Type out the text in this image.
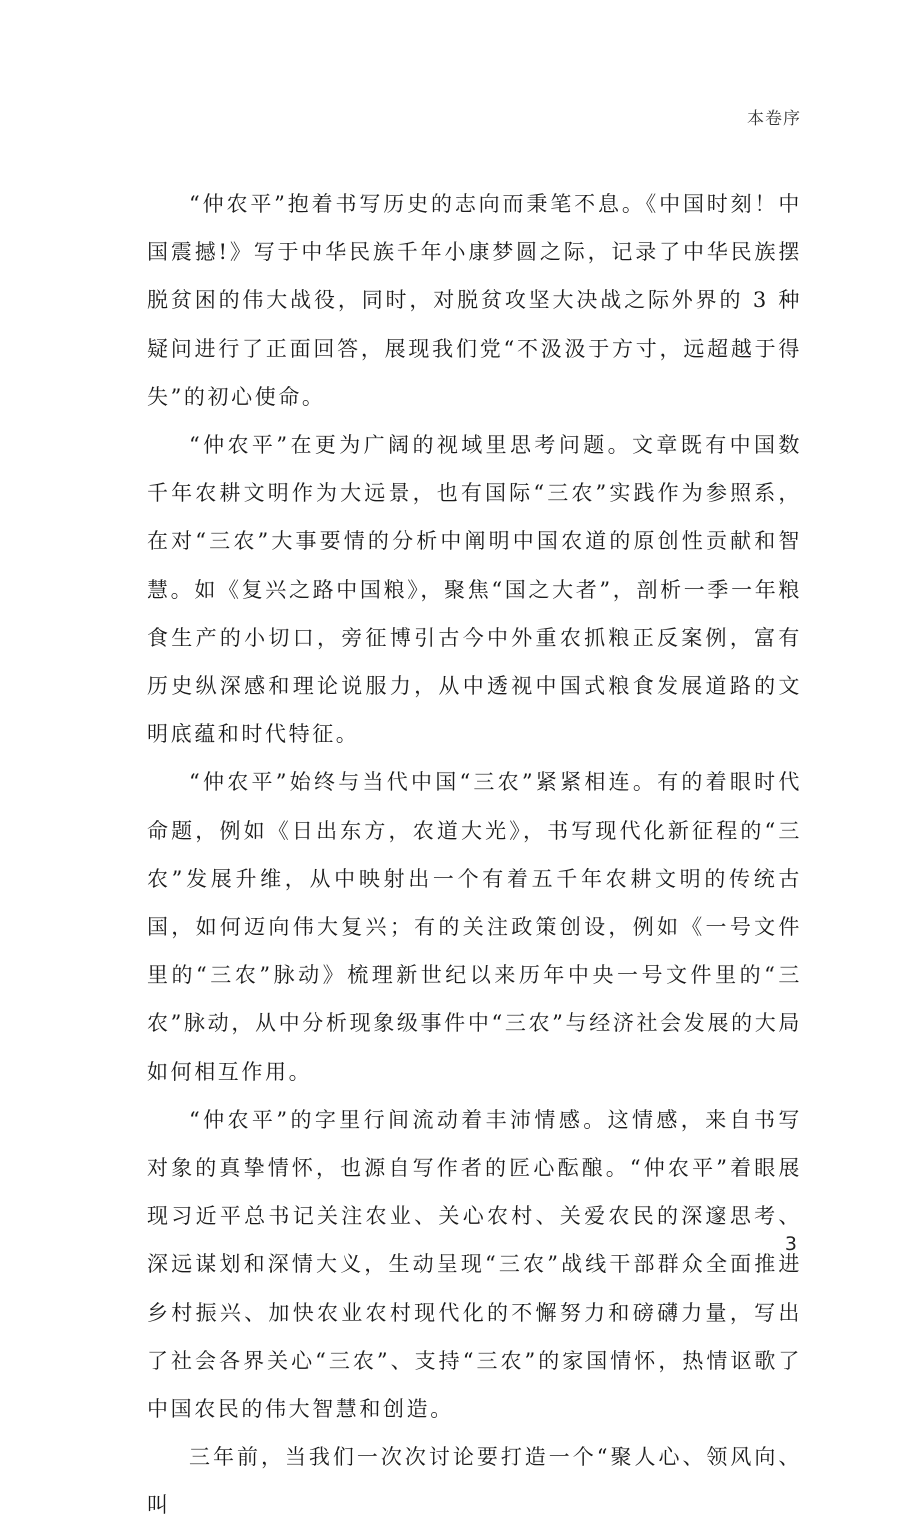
本卷序

“仲农平”抱着书写历史的志向而秉笔不息。《中国时刻！中国震撼!》写于中华民族千年小康梦圆之际，记录了中华民族摆脱贫困的伟大战役，同时，对脱贫攻坚大决战之际外界的 3 种疑问进行了正面回答，展现我们党“不汲汲于方寸，远超越于得失”的初心使命。

“仲农平”在更为广阔的视域里思考问题。文章既有中国数千年农耕文明作为大远景，也有国际“三农”实践作为参照系，在对“三农”大事要情的分析中阐明中国农道的原创性贡献和智慧。如《复兴之路中国粮》，聚焦“国之大者”，剖析一季一年粮食生产的小切口，旁征博引古今中外重农抓粮正反案例，富有历史纵深感和理论说服力，从中透视中国式粮食发展道路的文明底蕴和时代特征。

“仲农平”始终与当代中国“三农”紧紧相连。有的着眼时代命题，例如《日出东方，农道大光》，书写现代化新征程的“三农”发展升维，从中映射出一个有着五千年农耕文明的传统古国，如何迈向伟大复兴；有的关注政策创设，例如《一号文件里的“三农”脉动》梳理新世纪以来历年中央一号文件里的“三农”脉动，从中分析现象级事件中“三农”与经济社会发展的大局如何相互作用。

“仲农平”的字里行间流动着丰沛情感。这情感，来自书写对象的真挚情怀，也源自写作者的匠心酝酿。“仲农平”着眼展现习近平总书记关注农业、关心农村、关爱农民的深邃思考、深远谋划和深情大义，生动呈现“三农”战线干部群众全面推进乡村振兴、加快农业农村现代化的不懈努力和磅礴力量，写出了社会各界关心“三农”、支持“三农”的家国情怀，热情讴歌了中国农民的伟大智慧和创造。

三年前，当我们一次次讨论要打造一个“聚人心、领风向、叫

3
